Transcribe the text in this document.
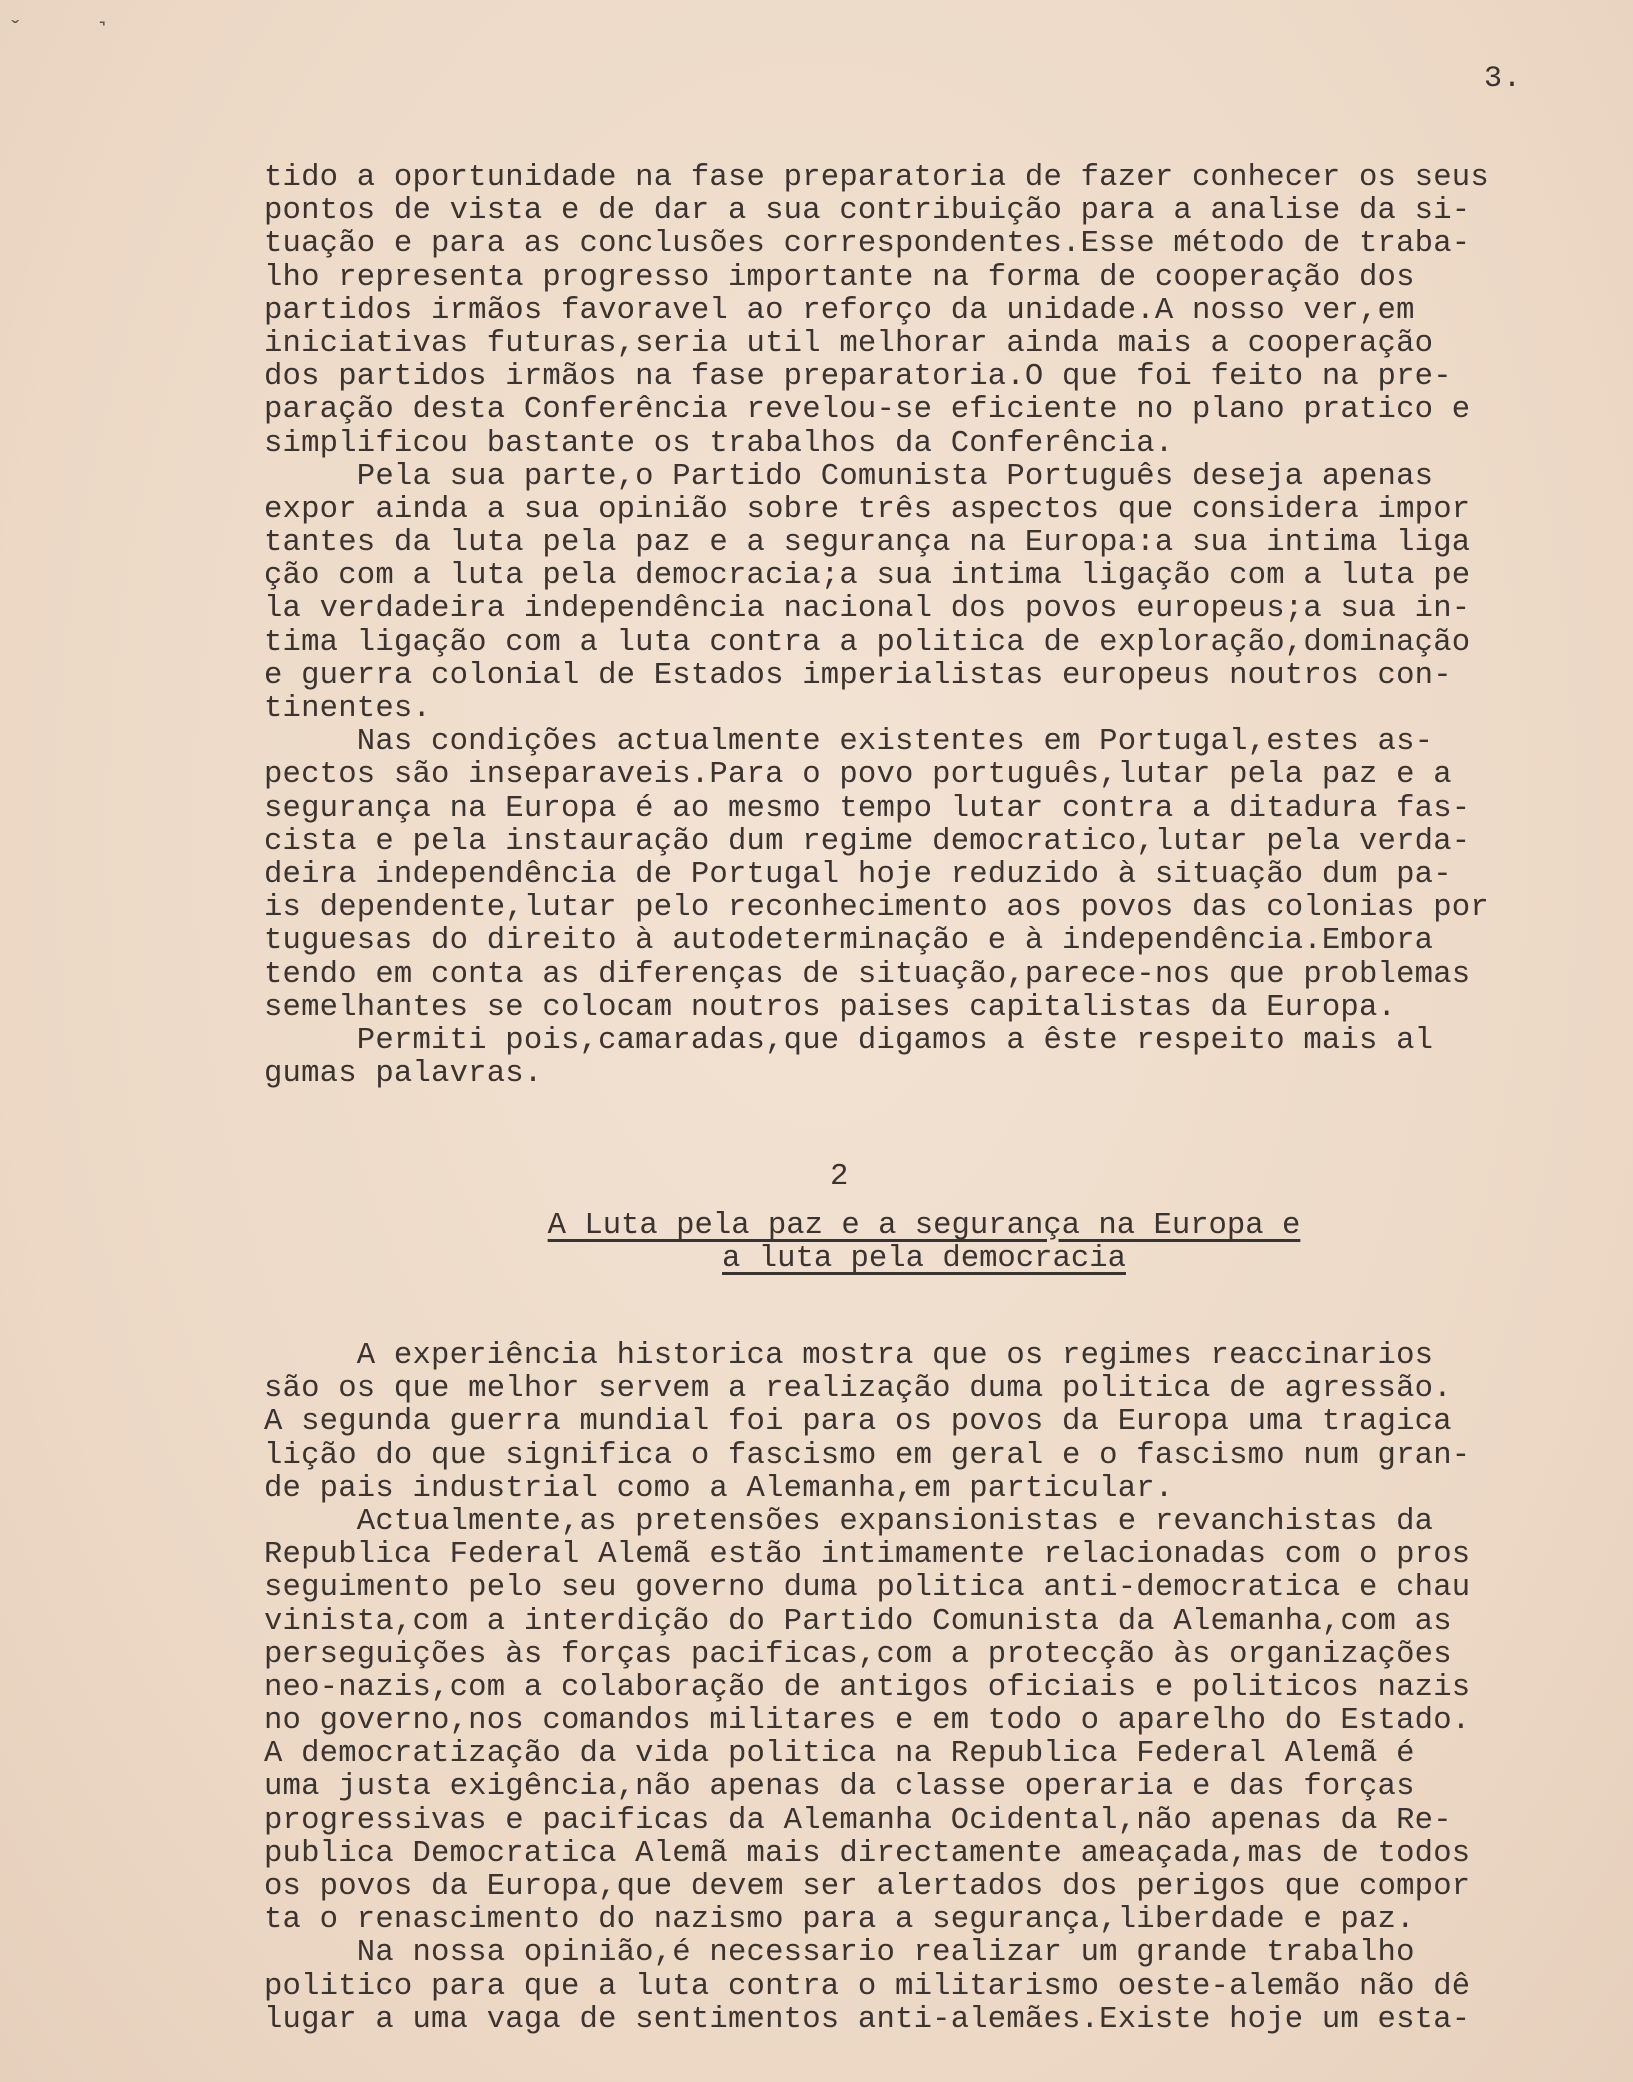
ˇ	˺
3.
tido a oportunidade na fase preparatoria de fazer conhecer os seus
pontos de vista e de dar a sua contribuição para a analise da si-
tuação e para as conclusões correspondentes.Esse método de traba-
lho representa progresso importante na forma de cooperação dos
partidos irmãos favoravel ao reforço da unidade.A nosso ver,em
iniciativas futuras,seria util melhorar ainda mais a cooperação
dos partidos irmãos na fase preparatoria.O que foi feito na pre-
paração desta Conferência revelou-se eficiente no plano pratico e
simplificou bastante os trabalhos da Conferência.
Pela sua parte,o Partido Comunista Português deseja apenas
expor ainda a sua opinião sobre três aspectos que considera impor
tantes da luta pela paz e a segurança na Europa:a sua intima liga
ção com a luta pela democracia;a sua intima ligação com a luta pe
la verdadeira independência nacional dos povos europeus;a sua in-
tima ligação com a luta contra a politica de exploração,dominação
e guerra colonial de Estados imperialistas europeus noutros con-
tinentes.
Nas condições actualmente existentes em Portugal,estes as-
pectos são inseparaveis.Para o povo português,lutar pela paz e a
segurança na Europa é ao mesmo tempo lutar contra a ditadura fas-
cista e pela instauração dum regime democratico,lutar pela verda-
deira independência de Portugal hoje reduzido à situação dum pa-
is dependente,lutar pelo reconhecimento aos povos das colonias por
tuguesas do direito à autodeterminação e à independência.Embora
tendo em conta as diferenças de situação,parece-nos que problemas
semelhantes se colocam noutros paises capitalistas da Europa.
Permiti pois,camaradas,que digamos a êste respeito mais al
gumas palavras.
2
A Luta pela paz e a segurança na Europa e
a luta pela democracia
A experiência historica mostra que os regimes reaccinarios
são os que melhor servem a realização duma politica de agressão.
A segunda guerra mundial foi para os povos da Europa uma tragica
lição do que significa o fascismo em geral e o fascismo num gran-
de pais industrial como a Alemanha,em particular.
Actualmente,as pretensões expansionistas e revanchistas da
Republica Federal Alemã estão intimamente relacionadas com o pros
seguimento pelo seu governo duma politica anti-democratica e chau
vinista,com a interdição do Partido Comunista da Alemanha,com as
perseguições às forças pacificas,com a protecção às organizações
neo-nazis,com a colaboração de antigos oficiais e politicos nazis
no governo,nos comandos militares e em todo o aparelho do Estado.
A democratização da vida politica na Republica Federal Alemã é
uma justa exigência,não apenas da classe operaria e das forças
progressivas e pacificas da Alemanha Ocidental,não apenas da Re-
publica Democratica Alemã mais directamente ameaçada,mas de todos
os povos da Europa,que devem ser alertados dos perigos que compor
ta o renascimento do nazismo para a segurança,liberdade e paz.
Na nossa opinião,é necessario realizar um grande trabalho
politico para que a luta contra o militarismo oeste-alemão não dê
lugar a uma vaga de sentimentos anti-alemães.Existe hoje um esta-
